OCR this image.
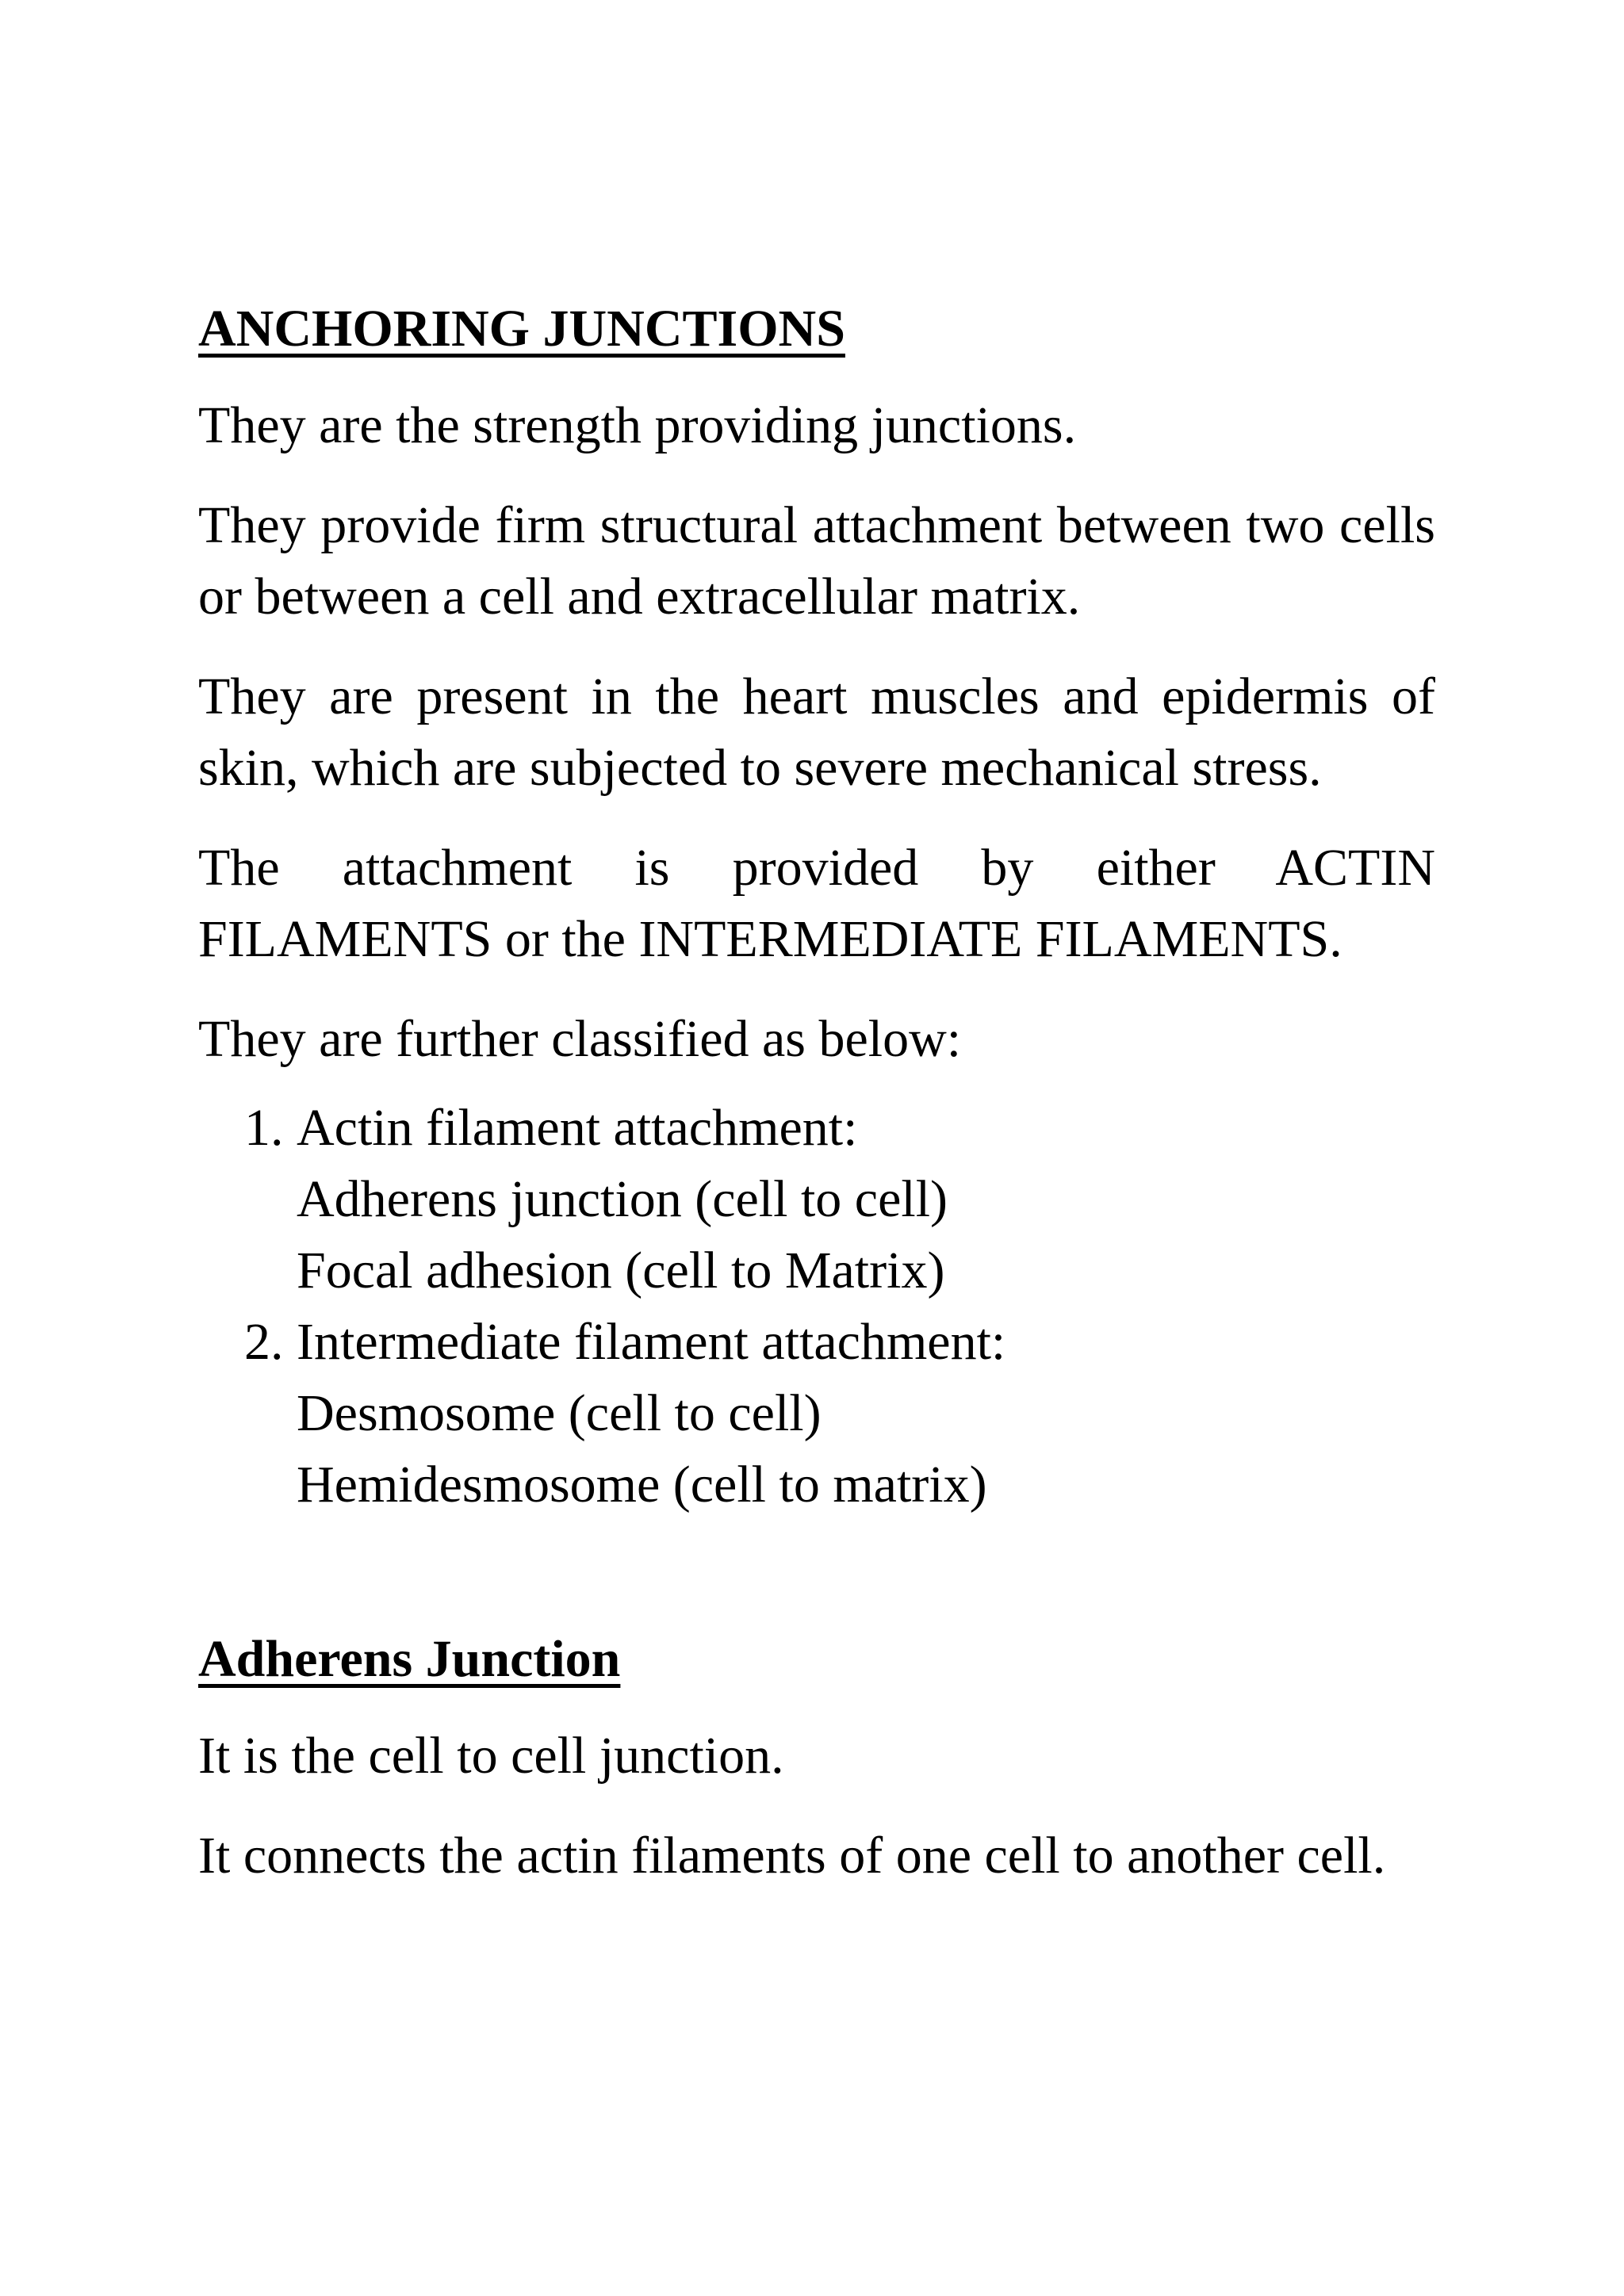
ANCHORING JUNCTIONS

They are the strength providing junctions.

They provide firm structural attachment between two cells or between a cell and extracellular matrix.

They are present in the heart muscles and epidermis of skin, which are subjected to severe mechanical stress.

The attachment is provided by either ACTIN FILAMENTS or the INTERMEDIATE FILAMENTS.

They are further classified as below:

1. Actin filament attachment:
Adherens junction (cell to cell)
Focal adhesion (cell to Matrix)
2. Intermediate filament attachment:
Desmosome (cell to cell)
Hemidesmosome (cell to matrix)
Adherens Junction

It is the cell to cell junction.

It connects the actin filaments of one cell to another cell.
